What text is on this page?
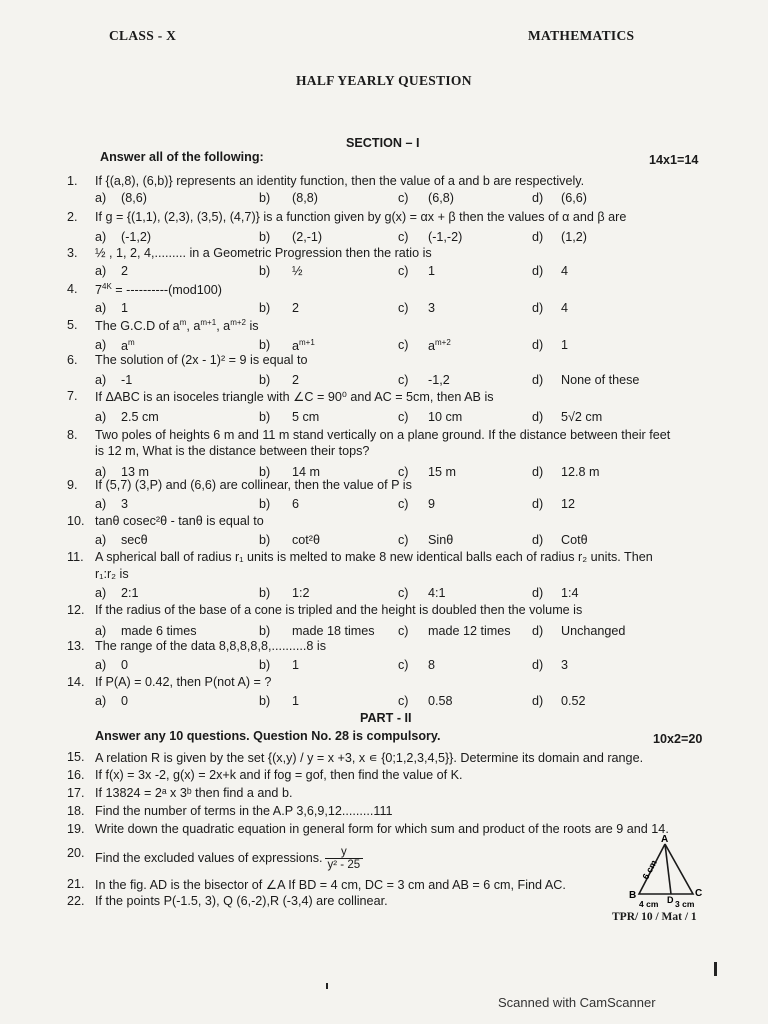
CLASS - X	MATHEMATICS
HALF YEARLY QUESTION
SECTION – I
Answer all of the following:	14x1=14
1.	If {(a,8), (6,b)} represents an identity function, then the value of a and b are respectively.
a) (8,6)	b) (8,8)	c) (6,8)	d) (6,6)
2.	If g = {(1,1), (2,3), (3,5), (4,7)} is a function given by g(x) = αx + β then the values of α and β are
a) (-1,2)	b) (2,-1)	c) (-1,-2)	d) (1,2)
3.	½ , 1, 2, 4,......... in a Geometric Progression then the ratio is
a) 2	b) ½	c) 1	d) 4
4.	$7^{4K} = ----------(mod100)$
a) 1	b) 2	c) 3	d) 4
5.	The G.C.D of $a^m$, $a^{m+1}$, $a^{m+2}$ is
a) $a^m$	b) $a^{m+1}$	c) $a^{m+2}$	d) 1
6.	The solution of (2x - 1)² = 9 is equal to
a) -1	b) 2	c) -1,2	d) None of these
7.	If ΔABC is an isoceles triangle with ∠C = 90⁰ and AC = 5cm, then AB is
a) 2.5 cm	b) 5 cm	c) 10 cm	d) 5√2 cm
8.	Two poles of heights 6 m and 11 m stand vertically on a plane ground. If the distance between their feet
is 12 m, What is the distance between their tops?
a) 13 m	b) 14 m	c) 15 m	d) 12.8 m
9.	If (5,7) (3,P) and (6,6) are collinear, then the value of P is
a) 3	b) 6	c) 9	d) 12
10. tanθ cosec²θ - tanθ is equal to
a) secθ	b) cot²θ	c) Sinθ	d) Cotθ
11. A spherical ball of radius r₁ units is melted to make 8 new identical balls each of radius r₂ units. Then
r₁:r₂ is
a) 2:1	b) 1:2	c) 4:1	d) 1:4
12. If the radius of the base of a cone is tripled and the height is doubled then the volume is
a) made 6 times	b) made 18 times c) made 12 times d) Unchanged
13. The range of the data 8,8,8,8,8,..........8 is
a) 0	b) 1	c) 8	d) 3
14. If P(A) = 0.42, then P(not A) = ?
a) 0	b) 1	c) 0.58	d) 0.52
PART - II
Answer any 10 questions. Question No. 28 is compulsory.	10x2=20
15. A relation R is given by the set {(x,y) / y = x +3, x ∊ {0;1,2,3,4,5}}. Determine its domain and range.
16. If f(x) = 3x -2, g(x) = 2x+k and if fog = gof, then find the value of K.
17. If 13824 = 2ᵃ x 3ᵇ then find a and b.
18. Find the number of terms in the A.P 3,6,9,12.........111
19. Write down the quadratic equation in general form for which sum and product of the roots are 9 and 14.
20. Find the excluded values of expressions. $\frac{y}{\text{y² - 25}}$
21. In the fig. AD is the bisector of ∠A If BD = 4 cm, DC = 3 cm and AB = 6 cm, Find AC.
22. If the points P(-1.5, 3), Q (6,-2),R (-3,4) are collinear.
A
B	C
D
6 cm
4 cm 3 cm
TPR/ 10 / Mat / 1
Scanned with CamScanner
